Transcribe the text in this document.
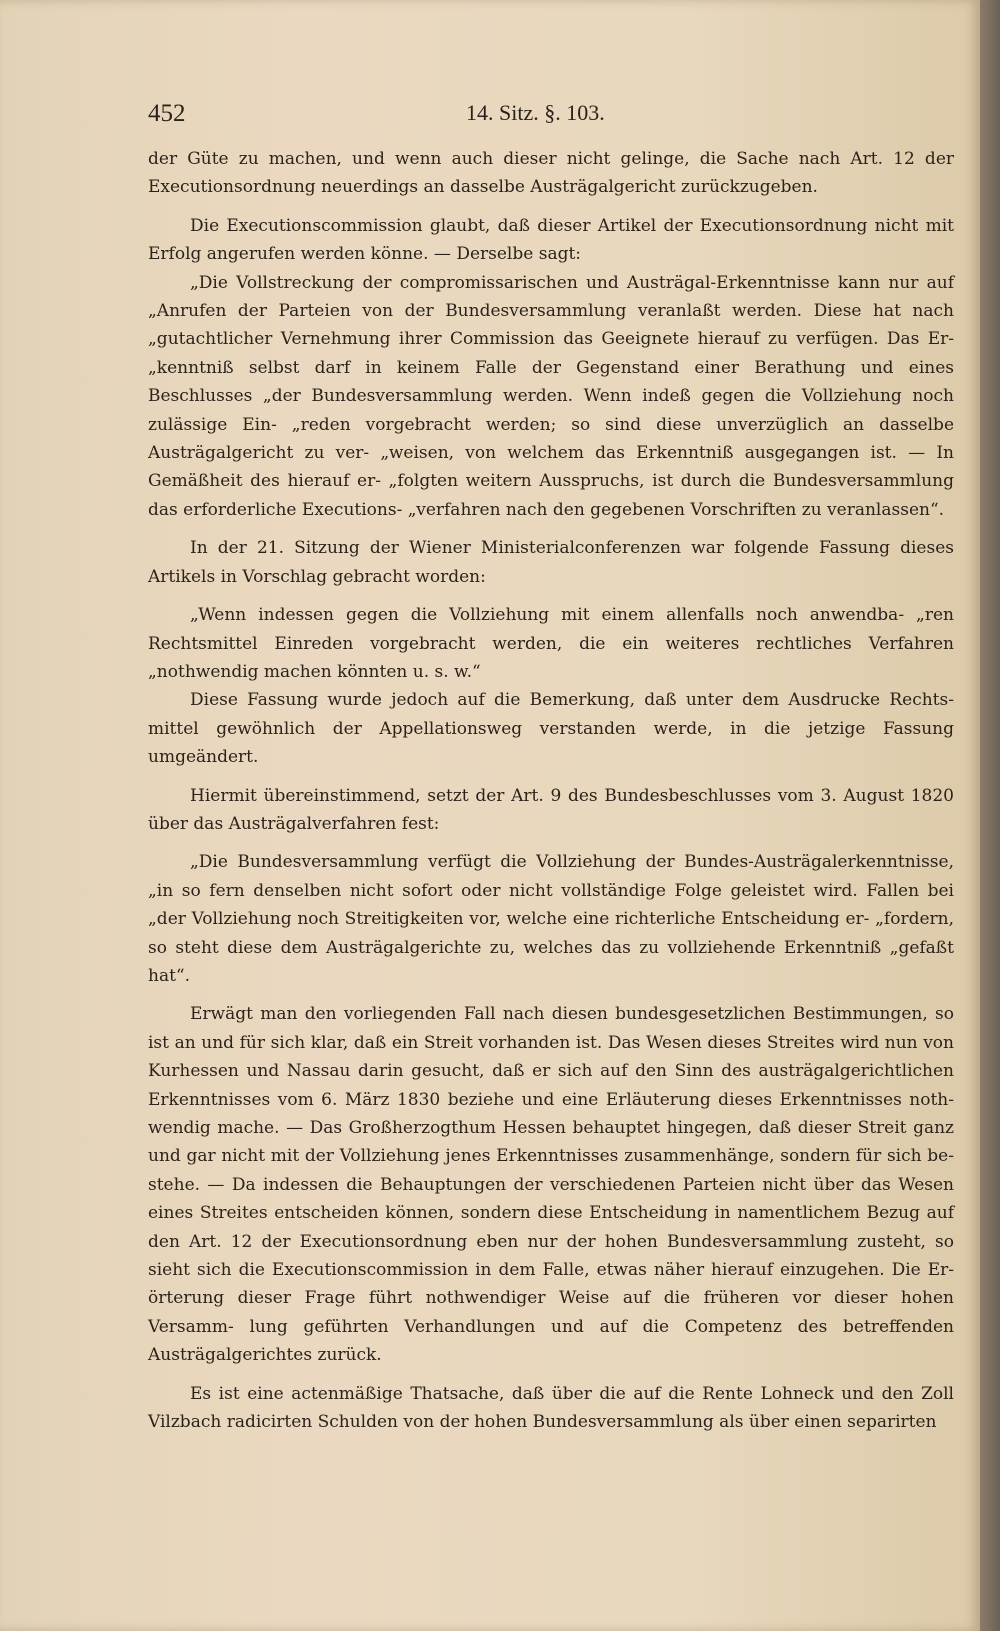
452	14. Sitz. §. 103.

der Güte zu machen, und wenn auch dieser nicht gelinge, die Sache nach Art. 12 der Executionsordnung neuerdings an dasselbe Austrägalgericht zurückzugeben.

Die Executionscommission glaubt, daß dieser Artikel der Executionsordnung nicht mit Erfolg angerufen werden könne. — Derselbe sagt:

„Die Vollstreckung der compromissarischen und Austrägal-Erkenntnisse kann nur auf „Anrufen der Parteien von der Bundesversammlung veranlaßt werden. Diese hat nach „gutachtlicher Vernehmung ihrer Commission das Geeignete hierauf zu verfügen. Das Er- „kenntniß selbst darf in keinem Falle der Gegenstand einer Berathung und eines Beschlusses „der Bundesversammlung werden. Wenn indeß gegen die Vollziehung noch zulässige Ein- „reden vorgebracht werden; so sind diese unverzüglich an dasselbe Austrägalgericht zu ver- „weisen, von welchem das Erkenntniß ausgegangen ist. — In Gemäßheit des hierauf er- „folgten weitern Ausspruchs, ist durch die Bundesversammlung das erforderliche Executions- „verfahren nach den gegebenen Vorschriften zu veranlassen“.

In der 21. Sitzung der Wiener Ministerialconferenzen war folgende Fassung dieses Artikels in Vorschlag gebracht worden:

„Wenn indessen gegen die Vollziehung mit einem allenfalls noch anwendba- „ren Rechtsmittel Einreden vorgebracht werden, die ein weiteres rechtliches Verfahren „nothwendig machen könnten u. s. w.“

Diese Fassung wurde jedoch auf die Bemerkung, daß unter dem Ausdrucke Rechts- mittel gewöhnlich der Appellationsweg verstanden werde, in die jetzige Fassung umgeändert.

Hiermit übereinstimmend, setzt der Art. 9 des Bundesbeschlusses vom 3. August 1820 über das Austrägalverfahren fest:

„Die Bundesversammlung verfügt die Vollziehung der Bundes-Austrägalerkenntnisse, „in so fern denselben nicht sofort oder nicht vollständige Folge geleistet wird. Fallen bei „der Vollziehung noch Streitigkeiten vor, welche eine richterliche Entscheidung er- „fordern, so steht diese dem Austrägalgerichte zu, welches das zu vollziehende Erkenntniß „gefaßt hat“.

Erwägt man den vorliegenden Fall nach diesen bundesgesetzlichen Bestimmungen, so ist an und für sich klar, daß ein Streit vorhanden ist. Das Wesen dieses Streites wird nun von Kurhessen und Nassau darin gesucht, daß er sich auf den Sinn des austrägalgerichtlichen Erkenntnisses vom 6. März 1830 beziehe und eine Erläuterung dieses Erkenntnisses noth- wendig mache. — Das Großherzogthum Hessen behauptet hingegen, daß dieser Streit ganz und gar nicht mit der Vollziehung jenes Erkenntnisses zusammenhänge, sondern für sich be- stehe. — Da indessen die Behauptungen der verschiedenen Parteien nicht über das Wesen eines Streites entscheiden können, sondern diese Entscheidung in namentlichem Bezug auf den Art. 12 der Executionsordnung eben nur der hohen Bundesversammlung zusteht, so sieht sich die Executionscommission in dem Falle, etwas näher hierauf einzugehen. Die Er- örterung dieser Frage führt nothwendiger Weise auf die früheren vor dieser hohen Versamm- lung geführten Verhandlungen und auf die Competenz des betreffenden Austrägalgerichtes zurück.

Es ist eine actenmäßige Thatsache, daß über die auf die Rente Lohneck und den Zoll Vilzbach radicirten Schulden von der hohen Bundesversammlung als über einen separirten
